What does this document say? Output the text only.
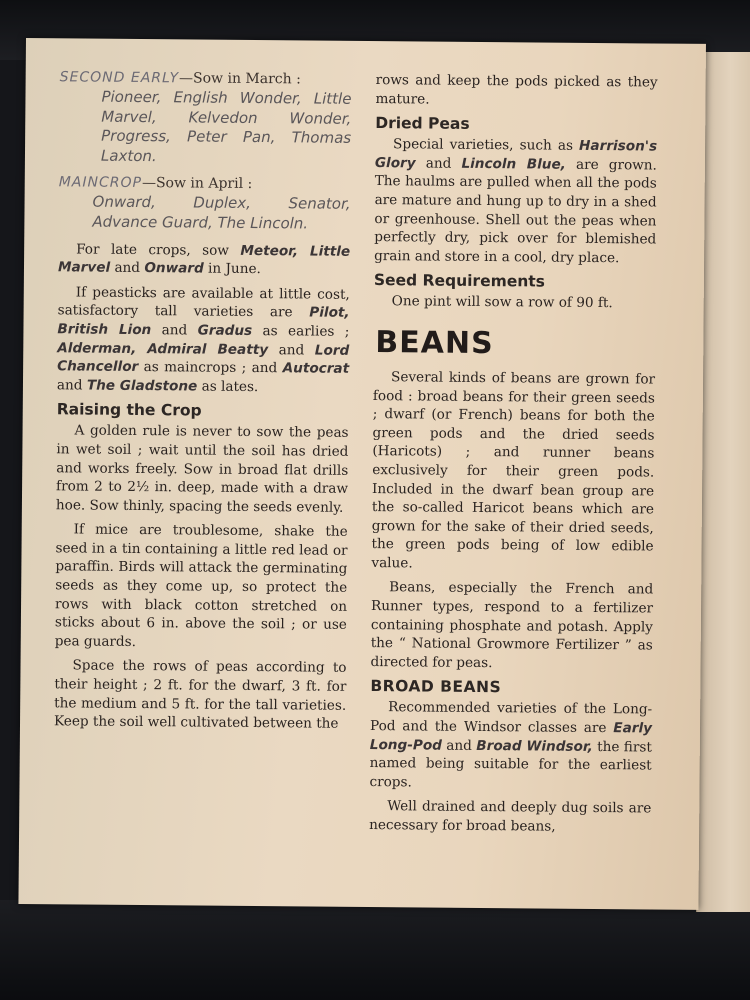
SECOND EARLY—Sow in March :
Pioneer, English Wonder, Little Marvel, Kelvedon Wonder, Progress, Peter Pan, Thomas Laxton.
MAINCROP—Sow in April :
Onward, Duplex, Senator, Advance Guard, The Lincoln.

For late crops, sow Meteor, Little Marvel and Onward in June.

If peasticks are available at little cost, satisfactory tall varieties are Pilot, British Lion and Gradus as earlies ; Alderman, Admiral Beatty and Lord Chancellor as maincrops ; and Autocrat and The Gladstone as lates.

Raising the Crop

A golden rule is never to sow the peas in wet soil ; wait until the soil has dried and works freely. Sow in broad flat drills from 2 to 2½ in. deep, made with a draw hoe. Sow thinly, spacing the seeds evenly.

If mice are troublesome, shake the seed in a tin containing a little red lead or paraffin. Birds will attack the germinating seeds as they come up, so protect the rows with black cotton stretched on sticks about 6 in. above the soil ; or use pea guards.

Space the rows of peas according to their height ; 2 ft. for the dwarf, 3 ft. for the medium and 5 ft. for the tall varieties. Keep the soil well cultivated between the

rows and keep the pods picked as they mature.

Dried Peas

Special varieties, such as Harrison's Glory and Lincoln Blue, are grown. The haulms are pulled when all the pods are mature and hung up to dry in a shed or greenhouse. Shell out the peas when perfectly dry, pick over for blemished grain and store in a cool, dry place.

Seed Requirements

One pint will sow a row of 90 ft.

BEANS

Several kinds of beans are grown for food : broad beans for their green seeds ; dwarf (or French) beans for both the green pods and the dried seeds (Haricots) ; and runner beans exclusively for their green pods. Included in the dwarf bean group are the so-called Haricot beans which are grown for the sake of their dried seeds, the green pods being of low edible value.

Beans, especially the French and Runner types, respond to a fertilizer containing phosphate and potash. Apply the “ National Growmore Fertilizer ” as directed for peas.

BROAD BEANS

Recommended varieties of the Long-Pod and the Windsor classes are Early Long-Pod and Broad Windsor, the first named being suitable for the earliest crops.

Well drained and deeply dug soils are necessary for broad beans,
